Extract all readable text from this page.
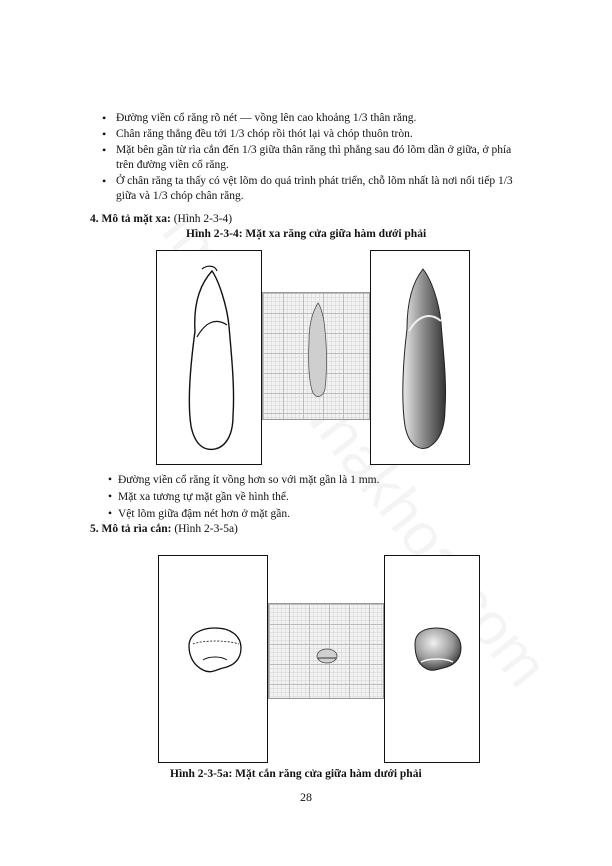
• Đường viền cổ răng rõ nét — vồng lên cao khoảng 1/3 thân răng.
• Chân răng thẳng đều tới 1/3 chóp rồi thót lại và chóp thuôn tròn.
• Mặt bên gần từ rìa cắn đến 1/3 giữa thân răng thì phẳng sau đó lõm dần ở giữa, ở phía trên đường viền cổ răng.
• Ở chân răng ta thấy có vệt lõm do quá trình phát triển, chỗ lõm nhất là nơi nối tiếp 1/3 giữa và 1/3 chóp chân răng.
4. Mô tả mặt xa: (Hình 2-3-4)
Hình 2-3-4: Mặt xa răng cửa giữa hàm dưới phải
• Đường viền cổ răng ít vồng hơn so với mặt gần là 1 mm.
• Mặt xa tương tự mặt gần về hình thể.
• Vệt lõm giữa đậm nét hơn ở mặt gần.
5. Mô tả rìa cắn: (Hình 2-3-5a)
Hình 2-3-5a: Mặt cắn răng cửa giữa hàm dưới phải
28
